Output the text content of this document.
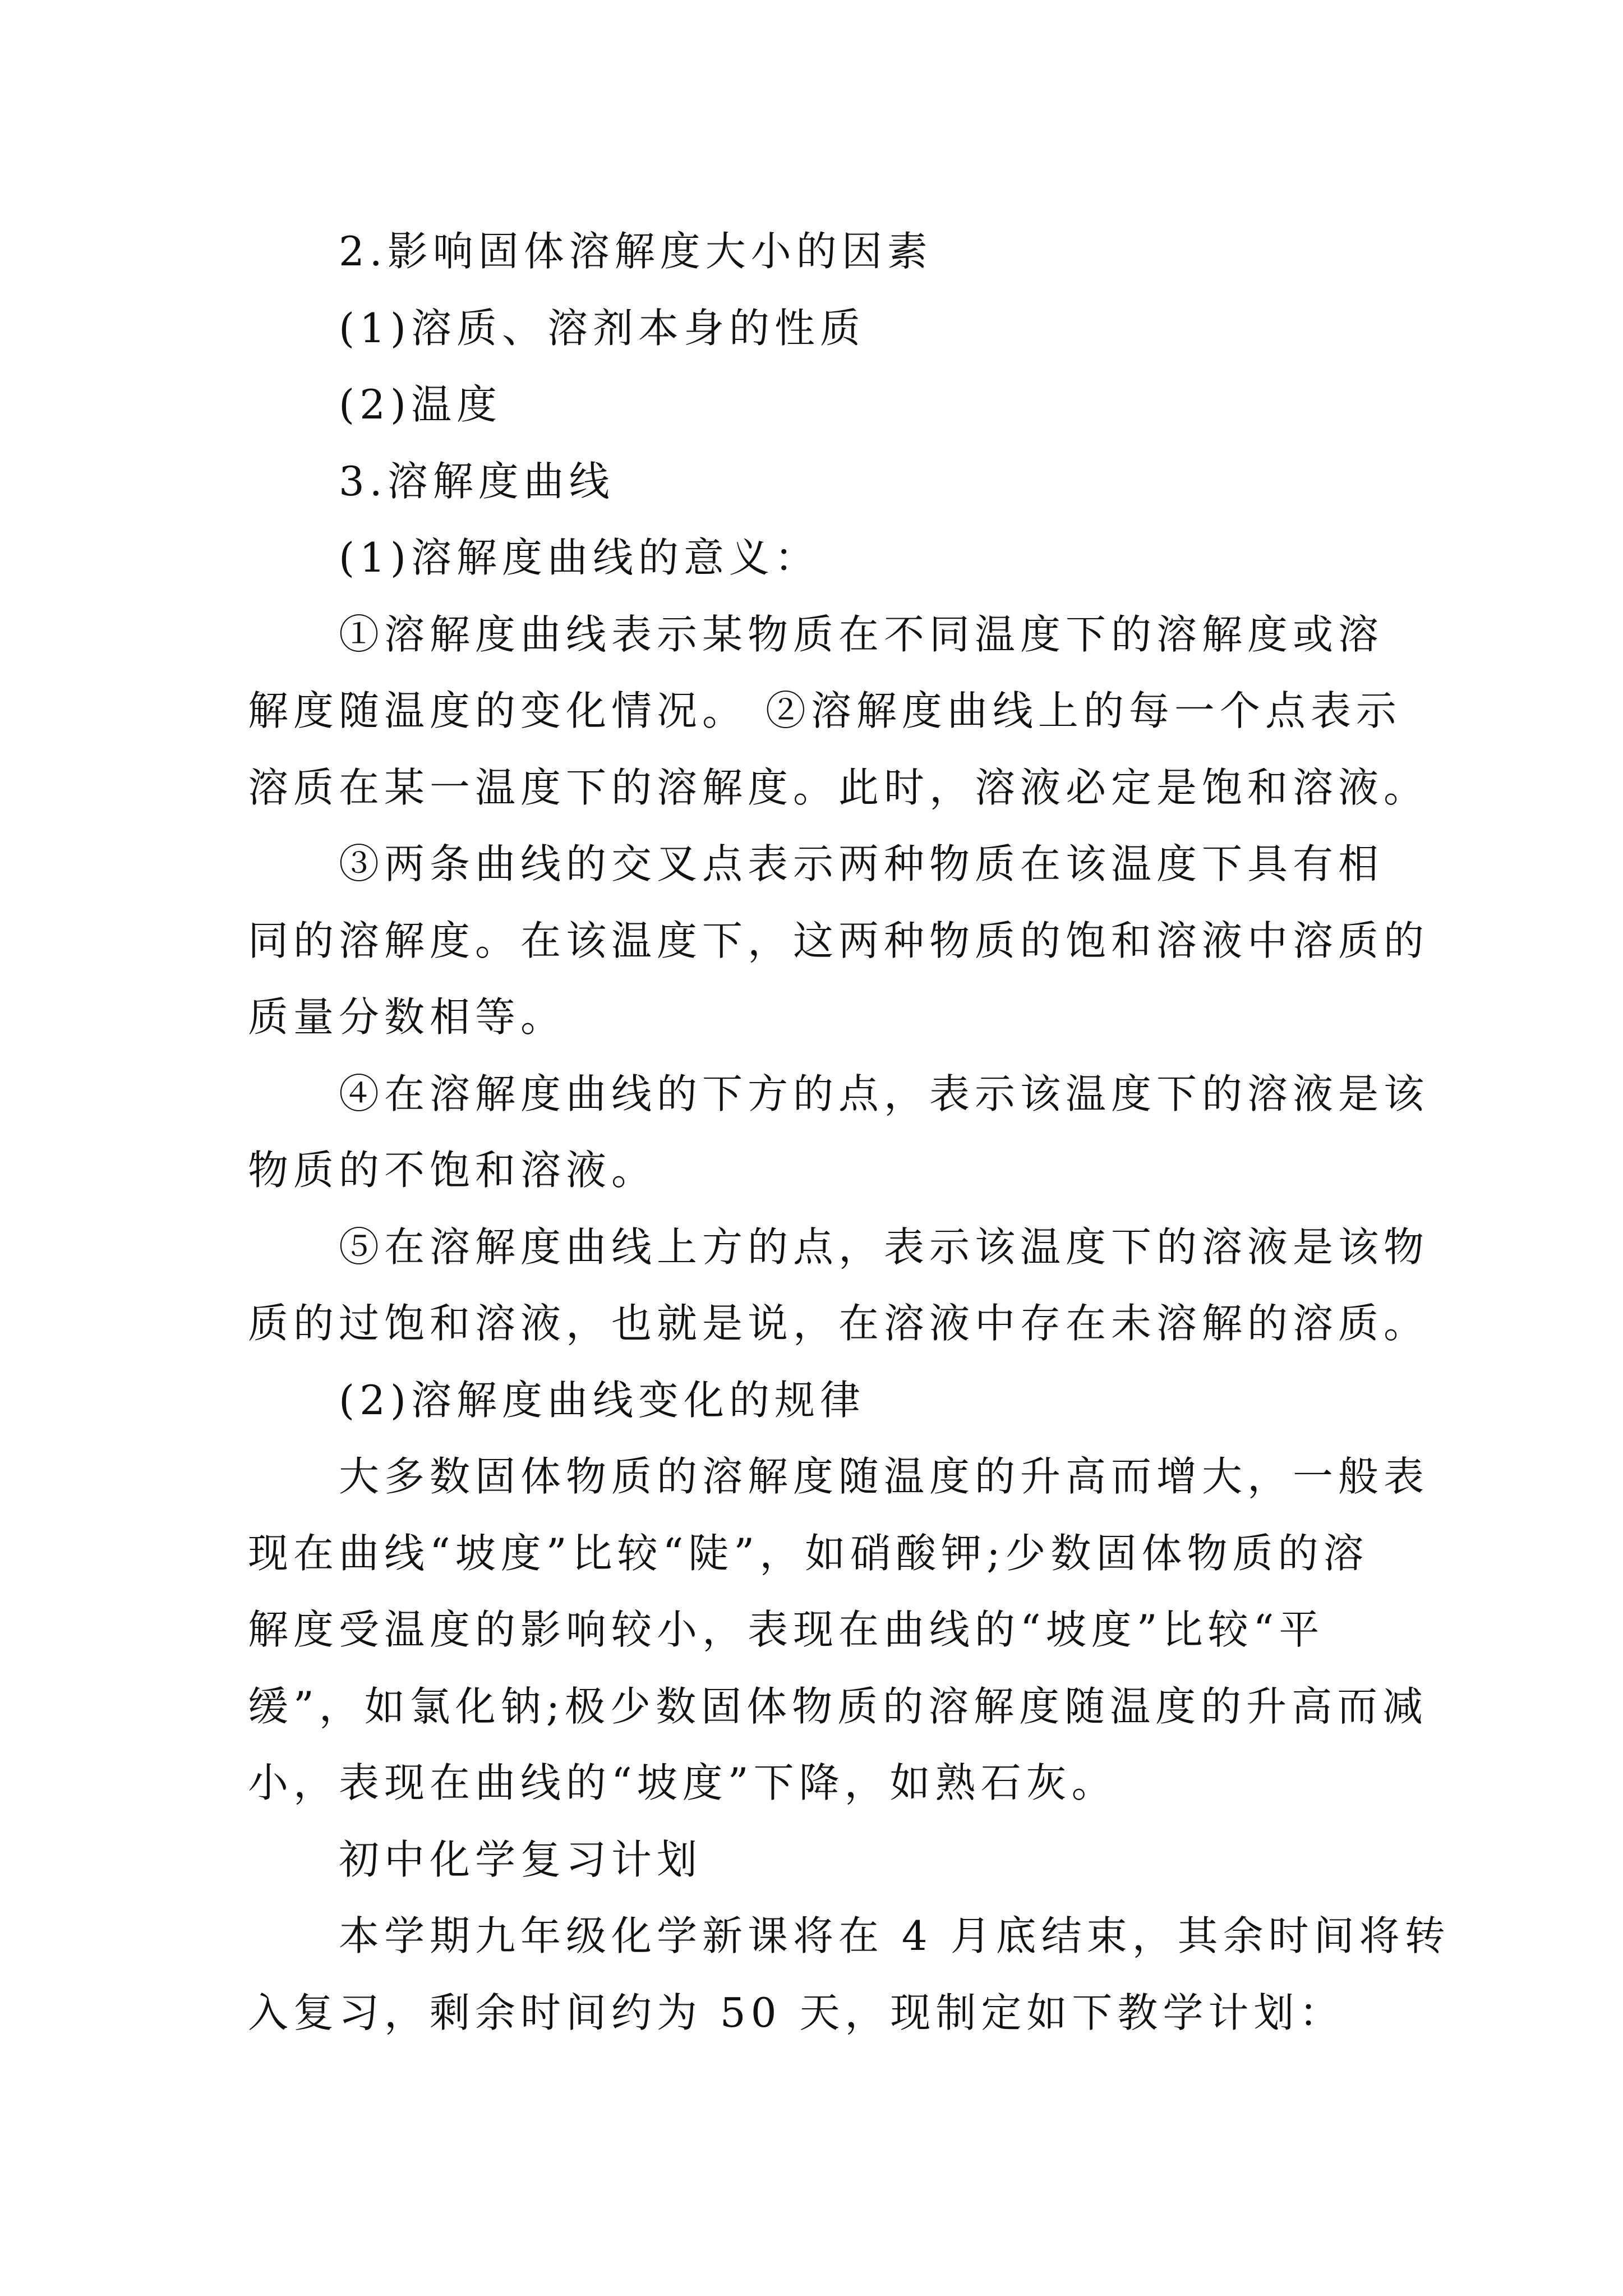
2.影响固体溶解度大小的因素
(1)溶质、溶剂本身的性质
(2)温度
3.溶解度曲线
(1)溶解度曲线的意义：
①溶解度曲线表示某物质在不同温度下的溶解度或溶
解度随温度的变化情况。 ②溶解度曲线上的每一个点表示
溶质在某一温度下的溶解度。此时，溶液必定是饱和溶液。
③两条曲线的交叉点表示两种物质在该温度下具有相
同的溶解度。在该温度下，这两种物质的饱和溶液中溶质的
质量分数相等。
④在溶解度曲线的下方的点，表示该温度下的溶液是该
物质的不饱和溶液。
⑤在溶解度曲线上方的点，表示该温度下的溶液是该物
质的过饱和溶液，也就是说，在溶液中存在未溶解的溶质。
(2)溶解度曲线变化的规律
大多数固体物质的溶解度随温度的升高而增大，一般表
现在曲线“坡度”比较“陡”，如硝酸钾;少数固体物质的溶
解度受温度的影响较小，表现在曲线的“坡度”比较“平
缓”，如氯化钠;极少数固体物质的溶解度随温度的升高而减
小，表现在曲线的“坡度”下降，如熟石灰。
初中化学复习计划
本学期九年级化学新课将在 4 月底结束，其余时间将转
入复习，剩余时间约为 50 天，现制定如下教学计划：
